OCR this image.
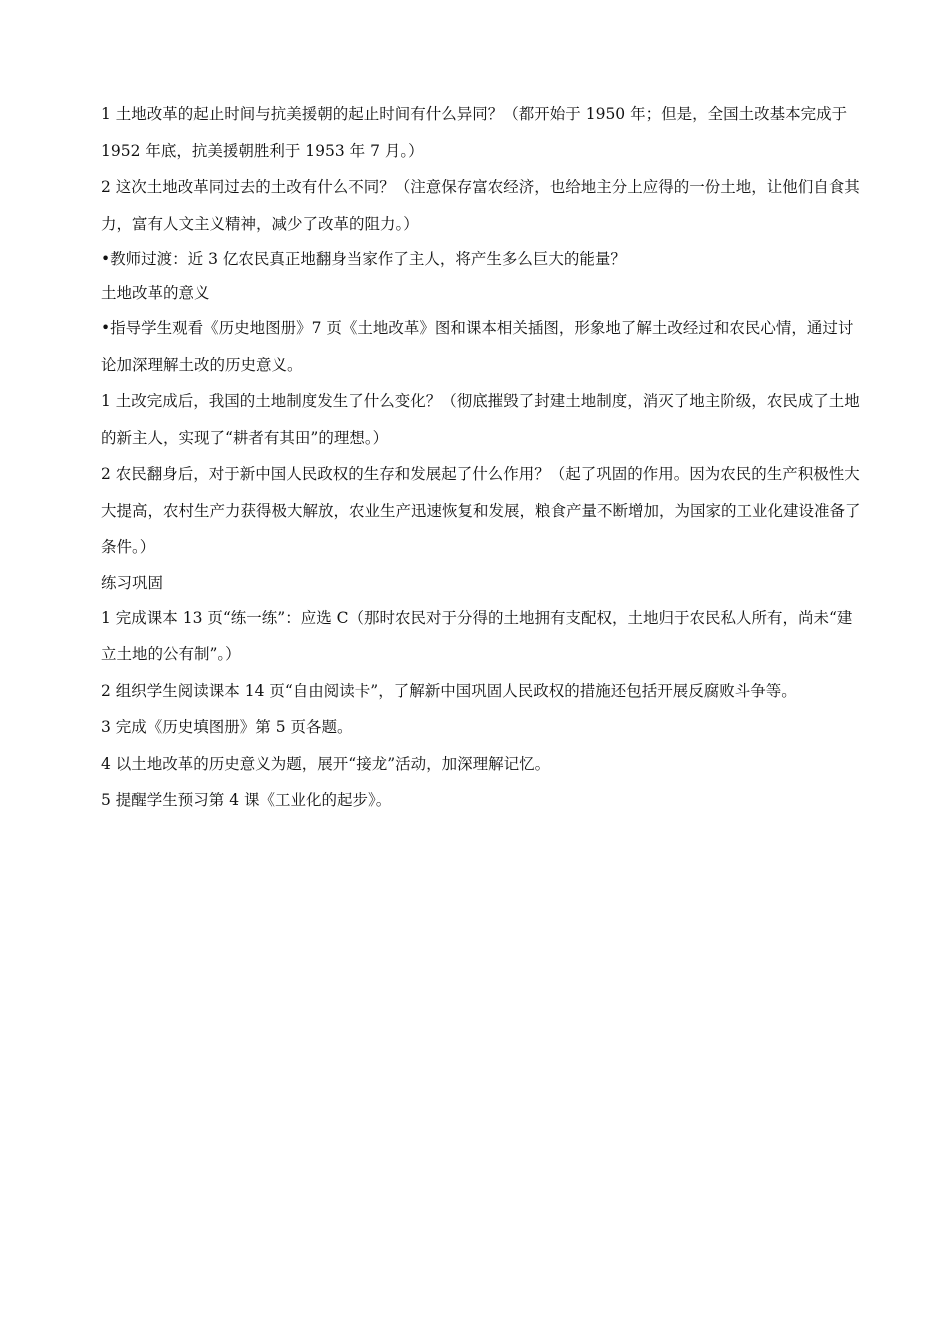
1 土地改革的起止时间与抗美援朝的起止时间有什么异同？（都开始于 1950 年；但是，全国土改基本完成于 1952 年底，抗美援朝胜利于 1953 年 7 月。）

2 这次土地改革同过去的土改有什么不同？（注意保存富农经济，也给地主分上应得的一份土地，让他们自食其力，富有人文主义精神，减少了改革的阻力。）

•教师过渡：近 3 亿农民真正地翻身当家作了主人，将产生多么巨大的能量？

土地改革的意义

•指导学生观看《历史地图册》7 页《土地改革》图和课本相关插图，形象地了解土改经过和农民心情，通过讨论加深理解土改的历史意义。

1 土改完成后，我国的土地制度发生了什么变化？（彻底摧毁了封建土地制度，消灭了地主阶级，农民成了土地的新主人，实现了“耕者有其田”的理想。）

2 农民翻身后，对于新中国人民政权的生存和发展起了什么作用？（起了巩固的作用。因为农民的生产积极性大大提高，农村生产力获得极大解放，农业生产迅速恢复和发展，粮食产量不断增加，为国家的工业化建设准备了条件。）

练习巩固

1 完成课本 13 页“练一练”：应选 C（那时农民对于分得的土地拥有支配权，土地归于农民私人所有，尚未“建立土地的公有制”。）

2 组织学生阅读课本 14 页“自由阅读卡”，了解新中国巩固人民政权的措施还包括开展反腐败斗争等。

3 完成《历史填图册》第 5 页各题。

4 以土地改革的历史意义为题，展开“接龙”活动，加深理解记忆。

5 提醒学生预习第 4 课《工业化的起步》。
